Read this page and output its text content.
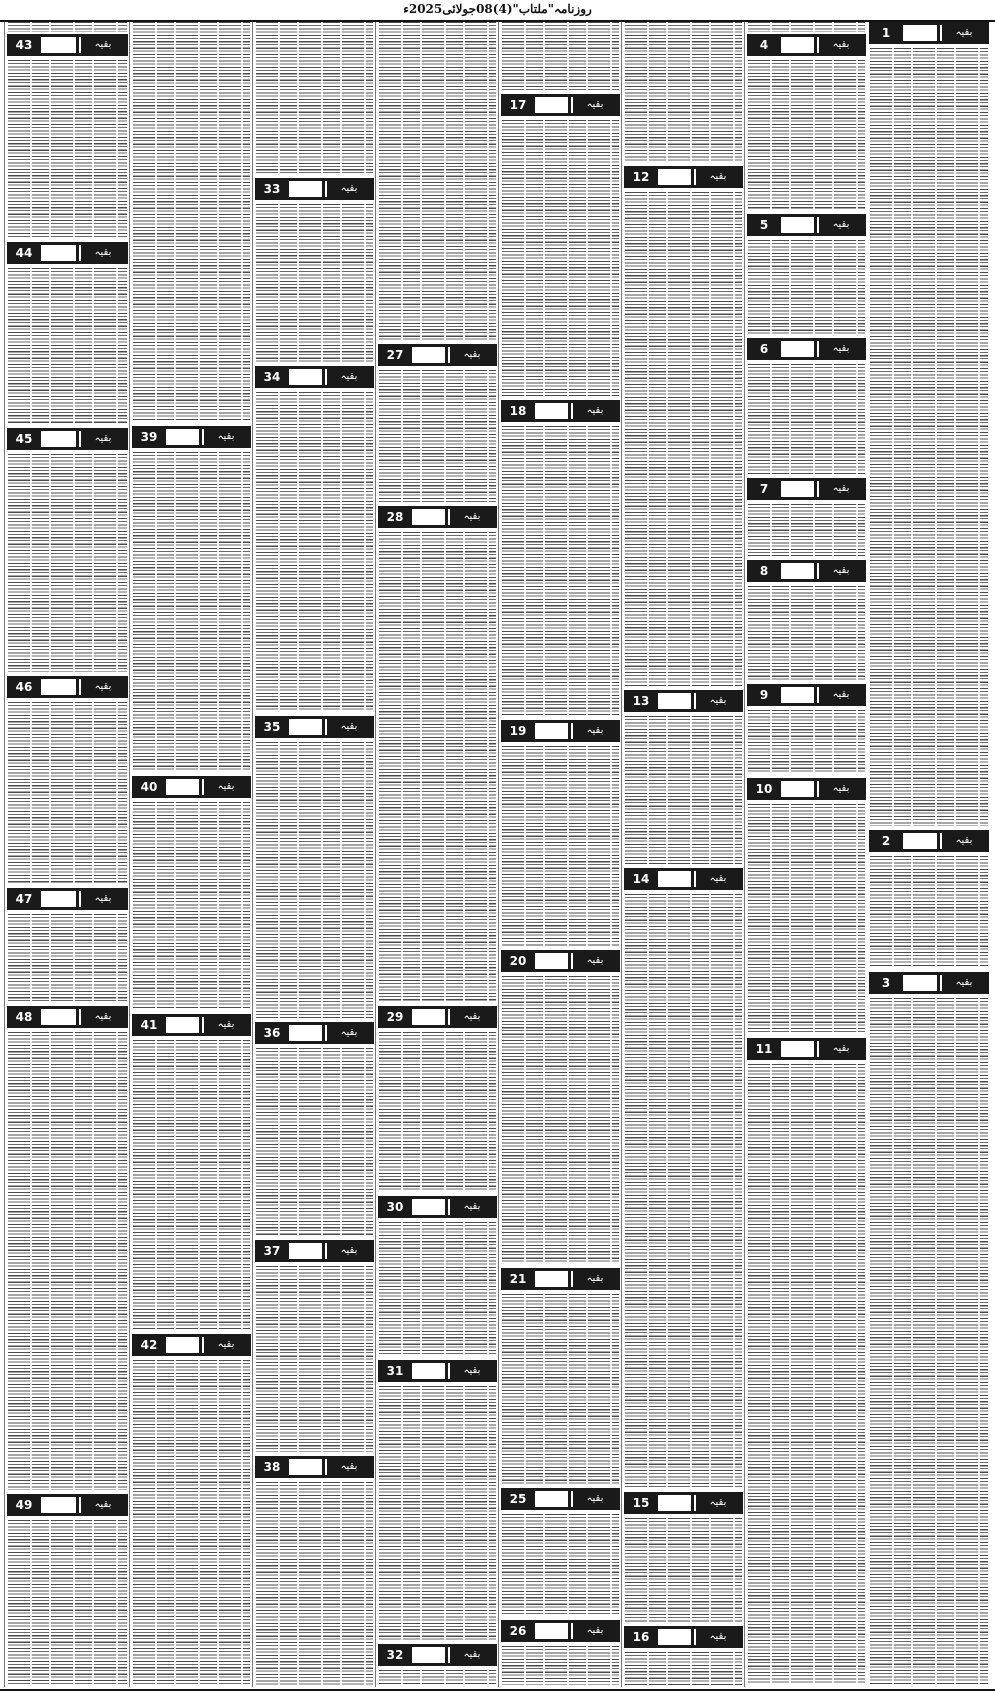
روزنامہ"ملتاب"(4)08جولائی2025ء
بقیہ
1
بقیہ
2
بقیہ
3
بقیہ
4
بقیہ
5
بقیہ
6
بقیہ
7
بقیہ
8
بقیہ
9
بقیہ
10
بقیہ
11
بقیہ
12
بقیہ
13
بقیہ
14
بقیہ
15
بقیہ
16
بقیہ
17
بقیہ
18
بقیہ
19
بقیہ
20
بقیہ
21
بقیہ
25
بقیہ
26
بقیہ
27
بقیہ
28
بقیہ
29
بقیہ
30
بقیہ
31
بقیہ
32
بقیہ
33
بقیہ
34
بقیہ
35
بقیہ
36
بقیہ
37
بقیہ
38
بقیہ
39
بقیہ
40
بقیہ
41
بقیہ
42
بقیہ
43
بقیہ
44
بقیہ
45
بقیہ
46
بقیہ
47
بقیہ
48
بقیہ
49
